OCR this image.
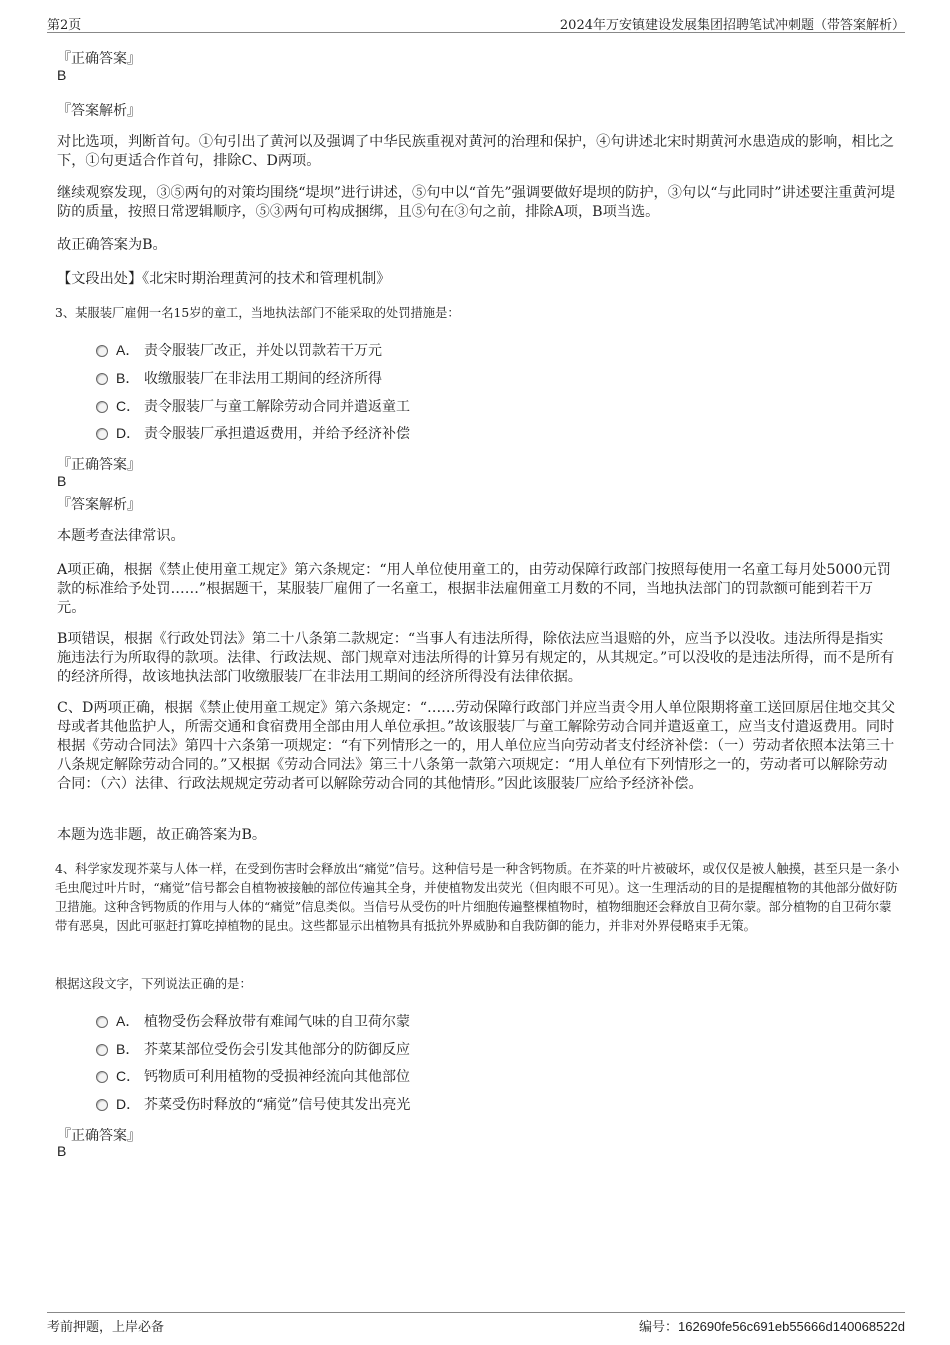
第2页	2024年万安镇建设发展集团招聘笔试冲刺题（带答案解析）
『正确答案』
B
『答案解析』
对比选项，判断首句。①句引出了黄河以及强调了中华民族重视对黄河的治理和保护，④句讲述北宋时期黄河水患造成的影响，相比之下，①句更适合作首句，排除C、D两项。
继续观察发现，③⑤两句的对策均围绕“堤坝”进行讲述，⑤句中以“首先”强调要做好堤坝的防护，③句以“与此同时”讲述要注重黄河堤防的质量，按照日常逻辑顺序，⑤③两句可构成捆绑，且⑤句在③句之前，排除A项，B项当选。
故正确答案为B。
【文段出处】《北宋时期治理黄河的技术和管理机制》
3、某服装厂雇佣一名15岁的童工，当地执法部门不能采取的处罚措施是：
A． 责令服装厂改正，并处以罚款若干万元
B． 收缴服装厂在非法用工期间的经济所得
C． 责令服装厂与童工解除劳动合同并遣返童工
D． 责令服装厂承担遣返费用，并给予经济补偿
『正确答案』
B
『答案解析』
本题考查法律常识。
A项正确，根据《禁止使用童工规定》第六条规定：“用人单位使用童工的，由劳动保障行政部门按照每使用一名童工每月处5000元罚款的标准给予处罚……”根据题干，某服装厂雇佣了一名童工，根据非法雇佣童工月数的不同，当地执法部门的罚款额可能到若干万元。
B项错误，根据《行政处罚法》第二十八条第二款规定：“当事人有违法所得，除依法应当退赔的外，应当予以没收。违法所得是指实施违法行为所取得的款项。法律、行政法规、部门规章对违法所得的计算另有规定的，从其规定。”可以没收的是违法所得，而不是所有的经济所得，故该地执法部门收缴服装厂在非法用工期间的经济所得没有法律依据。
C、D两项正确，根据《禁止使用童工规定》第六条规定：“……劳动保障行政部门并应当责令用人单位限期将童工送回原居住地交其父母或者其他监护人，所需交通和食宿费用全部由用人单位承担。”故该服装厂与童工解除劳动合同并遣返童工，应当支付遣返费用。同时根据《劳动合同法》第四十六条第一项规定：“有下列情形之一的，用人单位应当向劳动者支付经济补偿：（一）劳动者依照本法第三十八条规定解除劳动合同的。”又根据《劳动合同法》第三十八条第一款第六项规定：“用人单位有下列情形之一的，劳动者可以解除劳动合同：（六）法律、行政法规规定劳动者可以解除劳动合同的其他情形。”因此该服装厂应给予经济补偿。
本题为选非题，故正确答案为B。
4、科学家发现芥菜与人体一样，在受到伤害时会释放出“痛觉”信号。这种信号是一种含钙物质。在芥菜的叶片被破坏，或仅仅是被人触摸，甚至只是一条小毛虫爬过叶片时，“痛觉”信号都会自植物被接触的部位传遍其全身，并使植物发出荧光（但肉眼不可见）。这一生理活动的目的是提醒植物的其他部分做好防卫措施。这种含钙物质的作用与人体的“痛觉”信息类似。当信号从受伤的叶片细胞传遍整棵植物时，植物细胞还会释放自卫荷尔蒙。部分植物的自卫荷尔蒙带有恶臭，因此可驱赶打算吃掉植物的昆虫。这些都显示出植物具有抵抗外界威胁和自我防御的能力，并非对外界侵略束手无策。
根据这段文字，下列说法正确的是：
A． 植物受伤会释放带有难闻气味的自卫荷尔蒙
B． 芥菜某部位受伤会引发其他部分的防御反应
C． 钙物质可利用植物的受损神经流向其他部位
D． 芥菜受伤时释放的“痛觉”信号使其发出亮光
『正确答案』
B
考前押题，上岸必备	编号：162690fe56c691eb55666d140068522d
